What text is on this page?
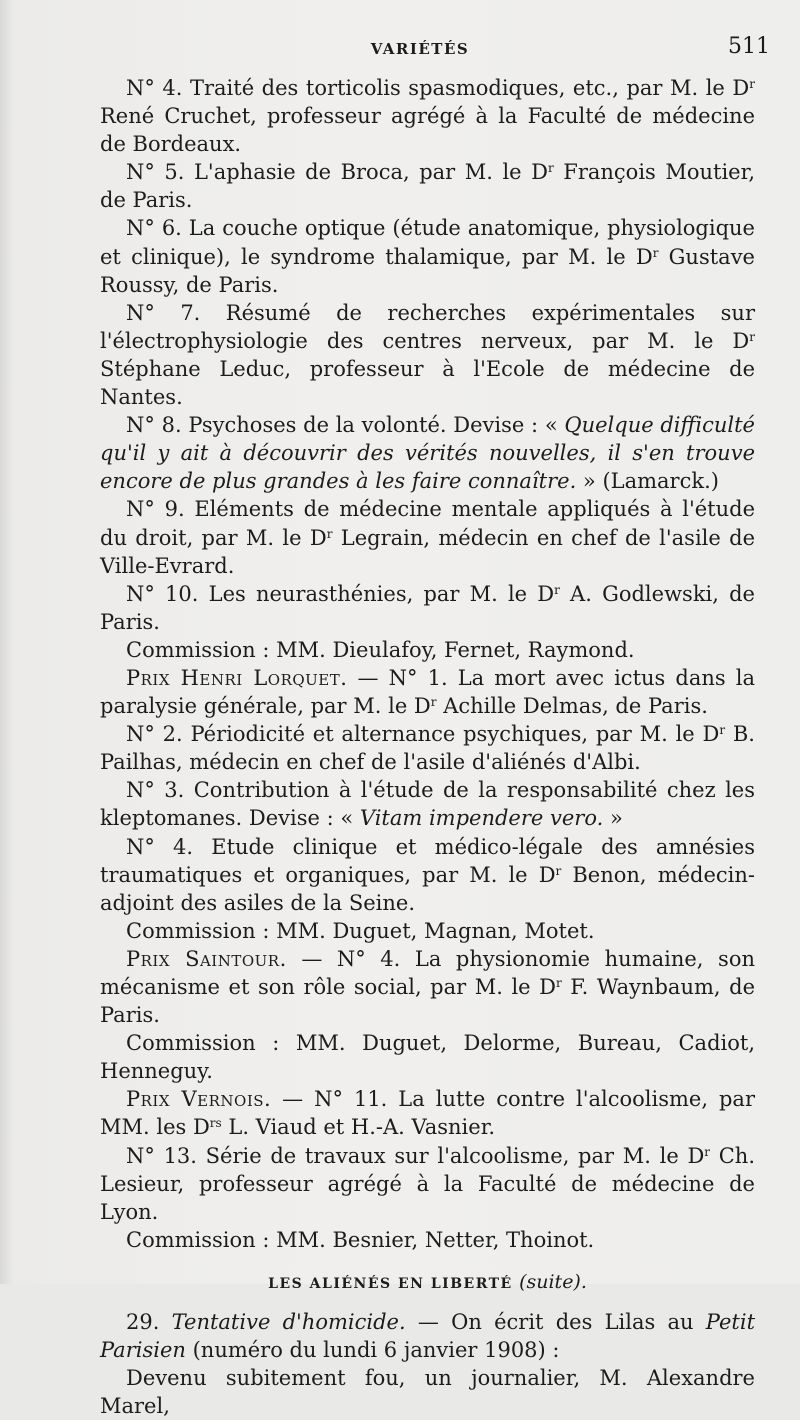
VARIÉTÉS	511

N° 4. Traité des torticolis spasmodiques, etc., par M. le $D^r$ René Cruchet, professeur agrégé à la Faculté de médecine de Bordeaux.

N° 5. L'aphasie de Broca, par M. le $D^r$ François Moutier, de Paris.

N° 6. La couche optique (étude anatomique, physiologique et clinique), le syndrome thalamique, par M. le $D^r$ Gustave Roussy, de Paris.

N° 7. Résumé de recherches expérimentales sur l'électrophysiologie des centres nerveux, par M. le $D^r$ Stéphane Leduc, professeur à l'Ecole de médecine de Nantes.

N° 8. Psychoses de la volonté. Devise : « Quelque difficulté qu'il y ait à découvrir des vérités nouvelles, il s'en trouve encore de plus grandes à les faire connaître. » (Lamarck.)

N° 9. Eléments de médecine mentale appliqués à l'étude du droit, par M. le $D^r$ Legrain, médecin en chef de l'asile de Ville-Evrard.

N° 10. Les neurasthénies, par M. le $D^r$ A. Godlewski, de Paris.

Commission : MM. Dieulafoy, Fernet, Raymond.

Prix Henri Lorquet. — N° 1. La mort avec ictus dans la paralysie générale, par M. le $D^r$ Achille Delmas, de Paris.

N° 2. Périodicité et alternance psychiques, par M. le $D^r$ B. Pailhas, médecin en chef de l'asile d'aliénés d'Albi.

N° 3. Contribution à l'étude de la responsabilité chez les kleptomanes. Devise : « Vitam impendere vero. »

N° 4. Etude clinique et médico-légale des amnésies traumatiques et organiques, par M. le $D^r$ Benon, médecin-adjoint des asiles de la Seine.

Commission : MM. Duguet, Magnan, Motet.

Prix Saintour. — N° 4. La physionomie humaine, son mécanisme et son rôle social, par M. le $D^r$ F. Waynbaum, de Paris.

Commission : MM. Duguet, Delorme, Bureau, Cadiot, Henneguy.

Prix Vernois. — N° 11. La lutte contre l'alcoolisme, par MM. les $D^{rs}$ L. Viaud et H.-A. Vasnier.

N° 13. Série de travaux sur l'alcoolisme, par M. le $D^r$ Ch. Lesieur, professeur agrégé à la Faculté de médecine de Lyon.

Commission : MM. Besnier, Netter, Thoinot.

LES ALIÉNÉS EN LIBERTÉ (suite).

29. Tentative d'homicide. — On écrit des Lilas au Petit Parisien (numéro du lundi 6 janvier 1908) :

Devenu subitement fou, un journalier, M. Alexandre Marel,
